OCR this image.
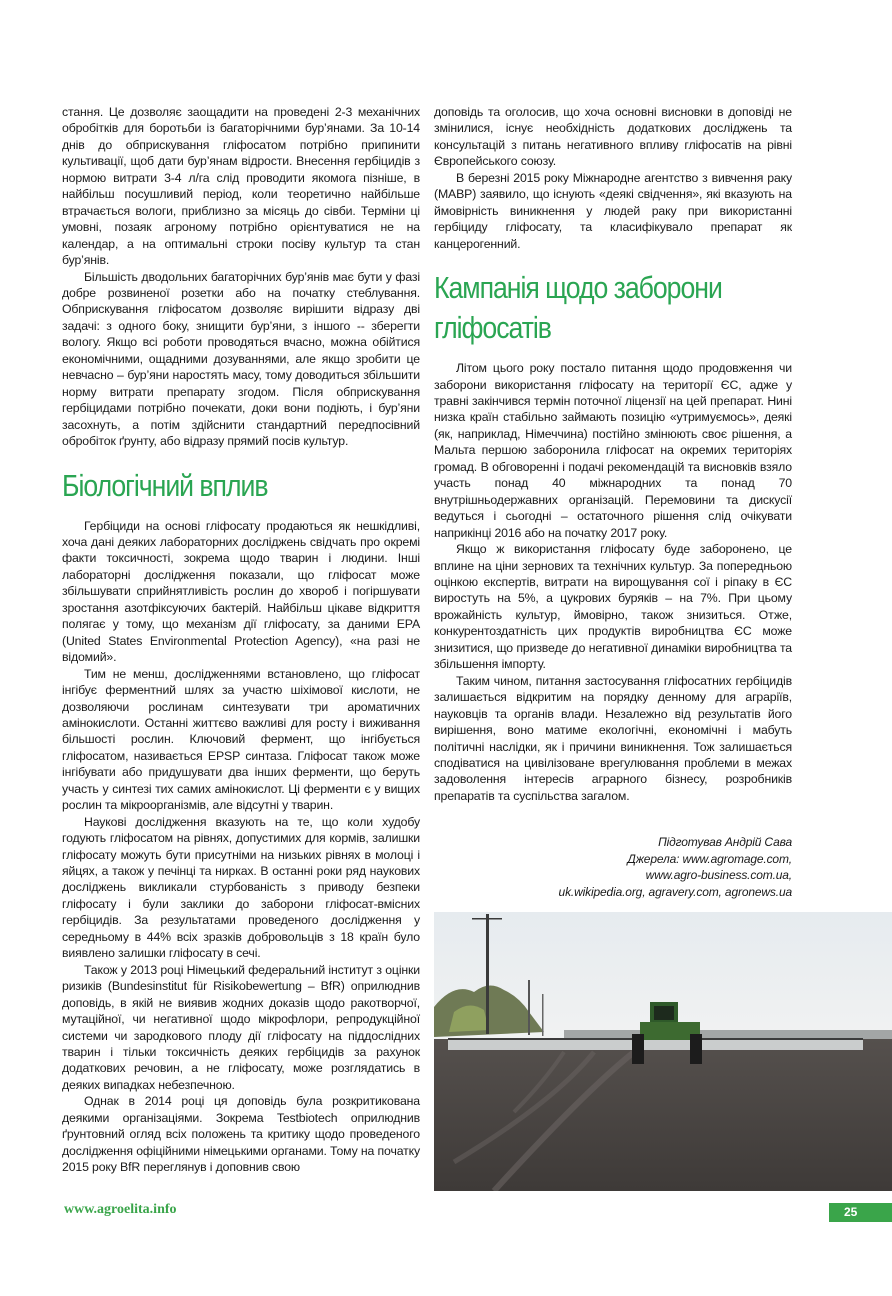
стання. Це дозволяє заощадити на проведені 2-3 механічних обробітків для боротьби із багаторічними бур’янами. За 10-14 днів до обприскування гліфосатом потрібно припинити культивації, щоб дати бур’янам відрости. Внесення гербіцидів з нормою витрати 3-4 л/га слід проводити якомога пізніше, в найбільш посушливий період, коли теоретично найбільше втрачається вологи, приблизно за місяць до сівби. Терміни ці умовні, позаяк агроному потрібно орієнтуватися не на календар, а на оптимальні строки посіву культур та стан бур’янів.

Більшість дводольних багаторічних бур’янів має бути у фазі добре розвиненої розетки або на початку стеблування. Обприскування гліфосатом дозволяє вирішити відразу дві задачі: з одного боку, знищити бур’яни, з іншого -- зберегти вологу. Якщо всі роботи проводяться вчасно, можна обійтися економічними, ощадними дозуваннями, але якщо зробити це невчасно – бур’яни наростять масу, тому доводиться збільшити норму витрати препарату згодом. Після обприскування гербіцидами потрібно почекати, доки вони подіють, і бур’яни засохнуть, а потім здійснити стандартний передпосівний обробіток ґрунту, або відразу прямий посів культур.

Біологічний вплив

Гербіциди на основі гліфосату продаються як нешкідливі, хоча дані деяких лабораторних досліджень свідчать про окремі факти токсичності, зокрема щодо тварин і людини. Інші лабораторні дослідження показали, що гліфосат може збільшувати сприйнятливість рослин до хвороб і погіршувати зростання азотфіксуючих бактерій. Найбільш цікаве відкриття полягає у тому, що механізм дії гліфосату, за даними EPA (United States Environmental Protection Agency), «на разі не відомий».

Тим не менш, дослідженнями встановлено, що гліфосат інгібує ферментний шлях за участю шіхімової кислоти, не дозволяючи рослинам синтезувати три ароматичних амінокислоти. Останні життєво важливі для росту і виживання більшості рослин. Ключовий фермент, що інгібується гліфосатом, називається EPSP синтаза. Гліфосат також може інгібувати або придушувати два інших ферменти, що беруть участь у синтезі тих самих амінокислот. Ці ферменти є у вищих рослин та мікроорганізмів, але відсутні у тварин.

Наукові дослідження вказують на те, що коли худобу годують гліфосатом на рівнях, допустимих для кормів, залишки гліфосату можуть бути присутніми на низьких рівнях в молоці і яйцях, а також у печінці та нирках. В останні роки ряд наукових досліджень викликали стурбованість з приводу безпеки гліфосату і були заклики до заборони гліфосат-вмісних гербіцидів. За результатами проведеного дослідження у середньому в 44% всіх зразків добровольців з 18 країн було виявлено залишки гліфосату в сечі.

Також у 2013 році Німецький федеральний інститут з оцінки ризиків (Bundesinstitut für Risikobewertung – BfR) оприлюднив доповідь, в якій не виявив жодних доказів щодо ракотворчої, мутаційної, чи негативної щодо мікрофлори, репродукційної системи чи зародкового плоду дії гліфосату на піддослідних тварин і тільки токсичність деяких гербіцидів за рахунок додаткових речовин, а не гліфосату, може розглядатись в деяких випадках небезпечною.

Однак в 2014 році ця доповідь була розкритикована деякими організаціями. Зокрема Testbiotech оприлюднив ґрунтовний огляд всіх положень та критику щодо проведеного дослідження офіційними німецькими органами. Тому на початку 2015 року BfR переглянув і доповнив свою

доповідь та оголосив, що хоча основні висновки в доповіді не змінилися, існує необхідність додаткових досліджень та консультацій з питань негативного впливу гліфосатів на рівні Європейського союзу.

В березні 2015 року Міжнародне агентство з вивчення раку (МАВР) заявило, що існують «деякі свідчення», які вказують на ймовірність виникнення у людей раку при використанні гербіциду гліфосату, та класифікувало препарат як канцерогенний.

Кампанія щодо заборони гліфосатів

Літом цього року постало питання щодо продовження чи заборони використання гліфосату на території ЄС, адже у травні закінчився термін поточної ліцензії на цей препарат. Нині низка країн стабільно займають позицію «утримуємось», деякі (як, наприклад, Німеччина) постійно змінюють своє рішення, а Мальта першою заборонила гліфосат на окремих територіях громад. В обговоренні і подачі рекомендацій та висновків взяло участь понад 40 міжнародних та понад 70 внутрішньодержавних організацій. Перемовини та дискусії ведуться і сьогодні – остаточного рішення слід очікувати наприкінці 2016 або на початку 2017 року.

Якщо ж використання гліфосату буде заборонено, це вплине на ціни зернових та технічних культур. За попередньою оцінкою експертів, витрати на вирощування сої і ріпаку в ЄС виростуть на 5%, а цукрових буряків – на 7%. При цьому врожайність культур, ймовірно, також знизиться. Отже, конкурентоздатність цих продуктів виробництва ЄС може знизитися, що призведе до негативної динаміки виробництва та збільшення імпорту.

Таким чином, питання застосування гліфосатних гербіцидів залишається відкритим на порядку денному для аграріїв, науковців та органів влади. Незалежно від результатів його вирішення, воно матиме екологічні, економічні і мабуть політичні наслідки, як і причини виникнення. Тож залишається сподіватися на цивілізоване врегулювання проблеми в межах задоволення інтересів аграрного бізнесу, розробників препаратів та суспільства загалом.

Підготував Андрій Сава
Джерела: www.agromage.com,
www.agro-business.com.ua,
uk.wikipedia.org, agravery.com, agronews.ua
www.agroelita.info	25
